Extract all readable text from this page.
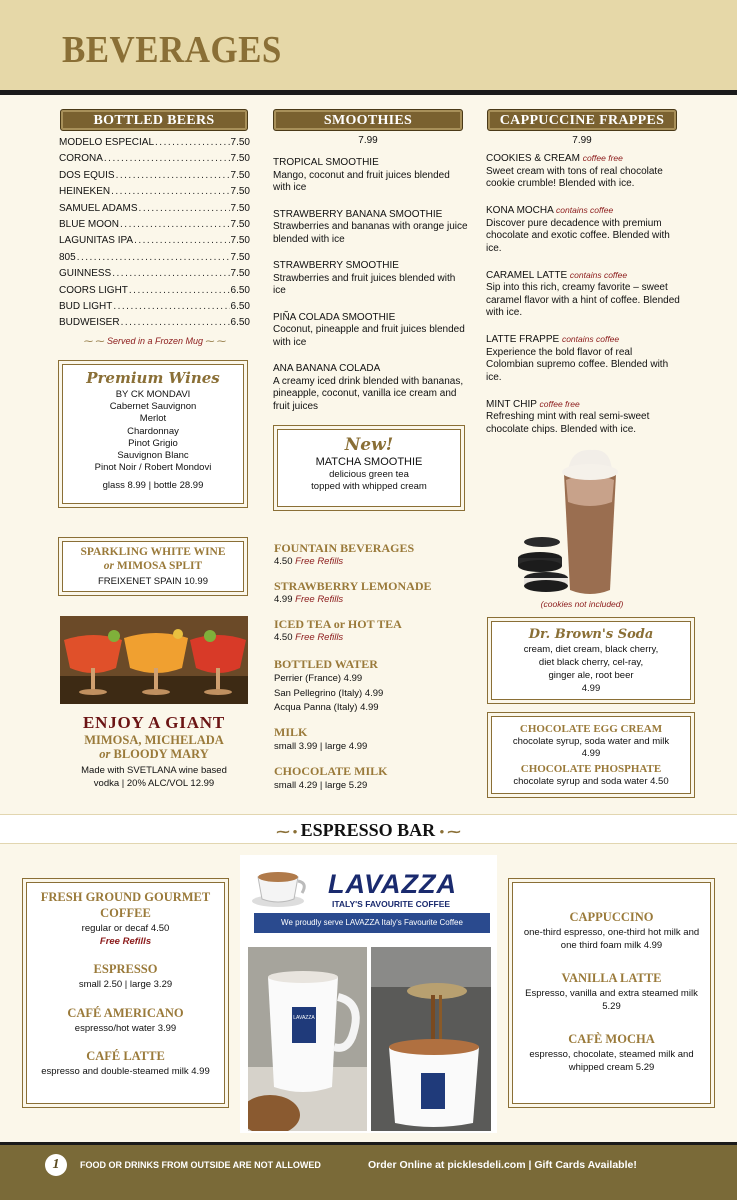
BEVERAGES
BOTTLED BEERS
MODELO ESPECIAL .....	7.50
CORONA .....	7.50
DOS EQUIS .....	7.50
HEINEKEN .....	7.50
SAMUEL ADAMS .....	7.50
BLUE MOON .....	7.50
LAGUNITAS IPA .....	7.50
805 .....	7.50
GUINNESS .....	7.50
COORS LIGHT .....	6.50
BUD LIGHT .....	6.50
BUDWEISER .....	6.50
⁓ ⁓ Served in a Frozen Mug ⁓ ⁓
Premium Wines
BY CK MONDAVI
Cabernet Sauvignon
Merlot
Chardonnay
Pinot Grigio
Sauvignon Blanc
Pinot Noir / Robert Mondovi
glass 8.99 | bottle 28.99
SPARKLING WHITE WINE
or MIMOSA SPLIT
FREIXENET SPAIN 10.99
ENJOY A GIANT
MIMOSA, MICHELADA
or BLOODY MARY
Made with SVETLANA wine based
vodka | 20% ALC/VOL 12.99
SMOOTHIES
7.99
TROPICAL SMOOTHIE
Mango, coconut and fruit juices blended with ice
STRAWBERRY BANANA SMOOTHIE
Strawberries and bananas with orange juice blended with ice
STRAWBERRY SMOOTHIE
Strawberries and fruit juices blended with ice
PIÑA COLADA SMOOTHIE
Coconut, pineapple and fruit juices blended with ice
ANA BANANA COLADA
A creamy iced drink blended with bananas, pineapple, coconut, vanilla ice cream and fruit juices
New!
MATCHA SMOOTHIE
delicious green tea
topped with whipped cream
FOUNTAIN BEVERAGES
4.50 Free Refills
STRAWBERRY LEMONADE
4.99 Free Refills
ICED TEA or HOT TEA
4.50 Free Refills
BOTTLED WATER
Perrier (France) 4.99
San Pellegrino (Italy) 4.99
Acqua Panna (Italy) 4.99
MILK
small 3.99 | large 4.99
CHOCOLATE MILK
small 4.29 | large 5.29
CAPPUCCINE FRAPPES
7.99
COOKIES & CREAM coffee free
Sweet cream with tons of real chocolate cookie crumble! Blended with ice.
KONA MOCHA contains coffee
Discover pure decadence with premium chocolate and exotic coffee. Blended with ice.
CARAMEL LATTE contains coffee
Sip into this rich, creamy favorite – sweet caramel flavor with a hint of coffee. Blended with ice.
LATTE FRAPPE contains coffee
Experience the bold flavor of real Colombian supremo coffee. Blended with ice.
MINT CHIP coffee free
Refreshing mint with real semi-sweet chocolate chips. Blended with ice.
(cookies not included)
Dr. Brown's Soda
cream, diet cream, black cherry,
diet black cherry, cel-ray,
ginger ale, root beer
4.99
CHOCOLATE EGG CREAM
chocolate syrup, soda water and milk
4.99
CHOCOLATE PHOSPHATE
chocolate syrup and soda water 4.50
⁓ • ESPRESSO BAR • ⁓
FRESH GROUND GOURMET COFFEE
regular or decaf 4.50
Free Refills
ESPRESSO
small 2.50 | large 3.29
CAFÉ AMERICANO
espresso/hot water 3.99
CAFÉ LATTE
espresso and double-steamed milk 4.99
LAVAZZA
ITALY'S FAVOURITE COFFEE
We proudly serve LAVAZZA Italy's Favourite Coffee
LAVAZZA
CAPPUCCINO
one-third espresso, one-third hot milk and one third foam milk 4.99
VANILLA LATTE
Espresso, vanilla and extra steamed milk 5.29
CAFÈ MOCHA
espresso, chocolate, steamed milk and whipped cream 5.29
1	FOOD OR DRINKS FROM OUTSIDE ARE NOT ALLOWED	Order Online at picklesdeli.com | Gift Cards Available!
